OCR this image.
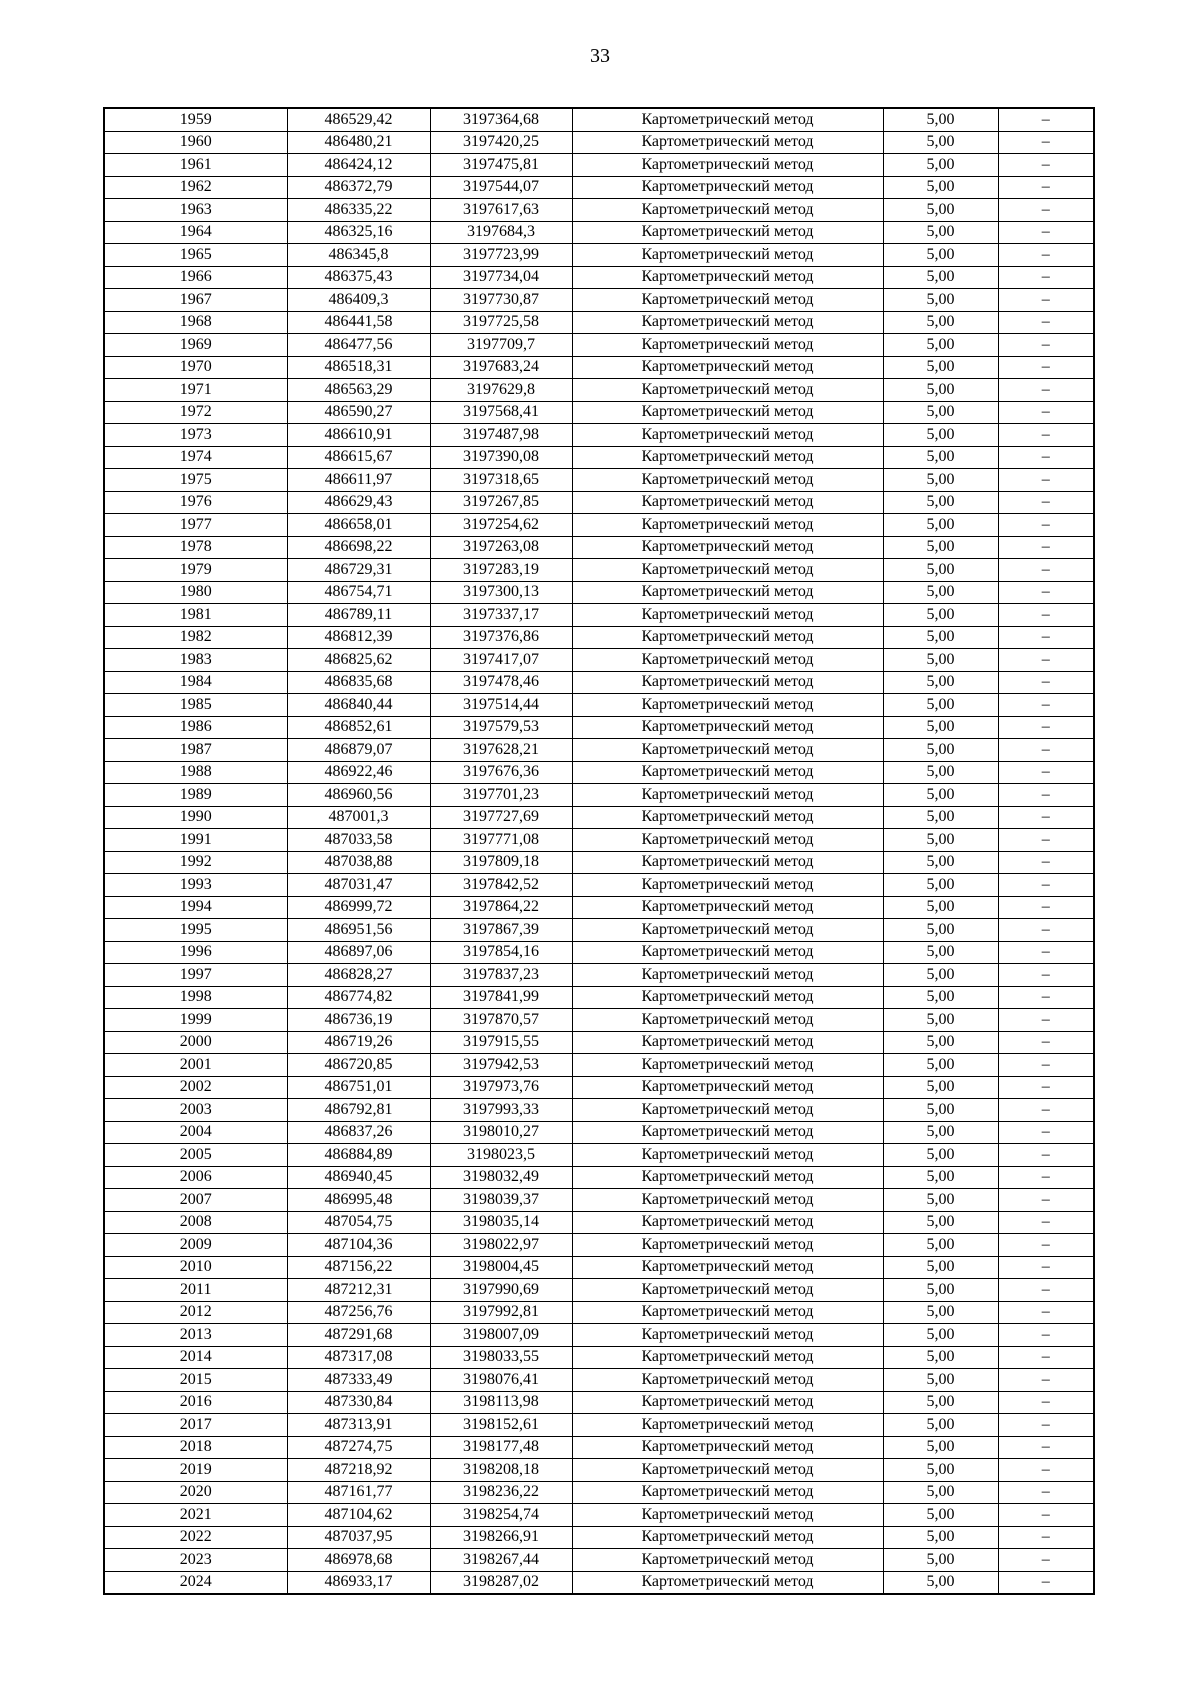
33
1959	486529,42	3197364,68	Картометрический метод	5,00	–
1960	486480,21	3197420,25	Картометрический метод	5,00	–
1961	486424,12	3197475,81	Картометрический метод	5,00	–
1962	486372,79	3197544,07	Картометрический метод	5,00	–
1963	486335,22	3197617,63	Картометрический метод	5,00	–
1964	486325,16	3197684,3	Картометрический метод	5,00	–
1965	486345,8	3197723,99	Картометрический метод	5,00	–
1966	486375,43	3197734,04	Картометрический метод	5,00	–
1967	486409,3	3197730,87	Картометрический метод	5,00	–
1968	486441,58	3197725,58	Картометрический метод	5,00	–
1969	486477,56	3197709,7	Картометрический метод	5,00	–
1970	486518,31	3197683,24	Картометрический метод	5,00	–
1971	486563,29	3197629,8	Картометрический метод	5,00	–
1972	486590,27	3197568,41	Картометрический метод	5,00	–
1973	486610,91	3197487,98	Картометрический метод	5,00	–
1974	486615,67	3197390,08	Картометрический метод	5,00	–
1975	486611,97	3197318,65	Картометрический метод	5,00	–
1976	486629,43	3197267,85	Картометрический метод	5,00	–
1977	486658,01	3197254,62	Картометрический метод	5,00	–
1978	486698,22	3197263,08	Картометрический метод	5,00	–
1979	486729,31	3197283,19	Картометрический метод	5,00	–
1980	486754,71	3197300,13	Картометрический метод	5,00	–
1981	486789,11	3197337,17	Картометрический метод	5,00	–
1982	486812,39	3197376,86	Картометрический метод	5,00	–
1983	486825,62	3197417,07	Картометрический метод	5,00	–
1984	486835,68	3197478,46	Картометрический метод	5,00	–
1985	486840,44	3197514,44	Картометрический метод	5,00	–
1986	486852,61	3197579,53	Картометрический метод	5,00	–
1987	486879,07	3197628,21	Картометрический метод	5,00	–
1988	486922,46	3197676,36	Картометрический метод	5,00	–
1989	486960,56	3197701,23	Картометрический метод	5,00	–
1990	487001,3	3197727,69	Картометрический метод	5,00	–
1991	487033,58	3197771,08	Картометрический метод	5,00	–
1992	487038,88	3197809,18	Картометрический метод	5,00	–
1993	487031,47	3197842,52	Картометрический метод	5,00	–
1994	486999,72	3197864,22	Картометрический метод	5,00	–
1995	486951,56	3197867,39	Картометрический метод	5,00	–
1996	486897,06	3197854,16	Картометрический метод	5,00	–
1997	486828,27	3197837,23	Картометрический метод	5,00	–
1998	486774,82	3197841,99	Картометрический метод	5,00	–
1999	486736,19	3197870,57	Картометрический метод	5,00	–
2000	486719,26	3197915,55	Картометрический метод	5,00	–
2001	486720,85	3197942,53	Картометрический метод	5,00	–
2002	486751,01	3197973,76	Картометрический метод	5,00	–
2003	486792,81	3197993,33	Картометрический метод	5,00	–
2004	486837,26	3198010,27	Картометрический метод	5,00	–
2005	486884,89	3198023,5	Картометрический метод	5,00	–
2006	486940,45	3198032,49	Картометрический метод	5,00	–
2007	486995,48	3198039,37	Картометрический метод	5,00	–
2008	487054,75	3198035,14	Картометрический метод	5,00	–
2009	487104,36	3198022,97	Картометрический метод	5,00	–
2010	487156,22	3198004,45	Картометрический метод	5,00	–
2011	487212,31	3197990,69	Картометрический метод	5,00	–
2012	487256,76	3197992,81	Картометрический метод	5,00	–
2013	487291,68	3198007,09	Картометрический метод	5,00	–
2014	487317,08	3198033,55	Картометрический метод	5,00	–
2015	487333,49	3198076,41	Картометрический метод	5,00	–
2016	487330,84	3198113,98	Картометрический метод	5,00	–
2017	487313,91	3198152,61	Картометрический метод	5,00	–
2018	487274,75	3198177,48	Картометрический метод	5,00	–
2019	487218,92	3198208,18	Картометрический метод	5,00	–
2020	487161,77	3198236,22	Картометрический метод	5,00	–
2021	487104,62	3198254,74	Картометрический метод	5,00	–
2022	487037,95	3198266,91	Картометрический метод	5,00	–
2023	486978,68	3198267,44	Картометрический метод	5,00	–
2024	486933,17	3198287,02	Картометрический метод	5,00	–
